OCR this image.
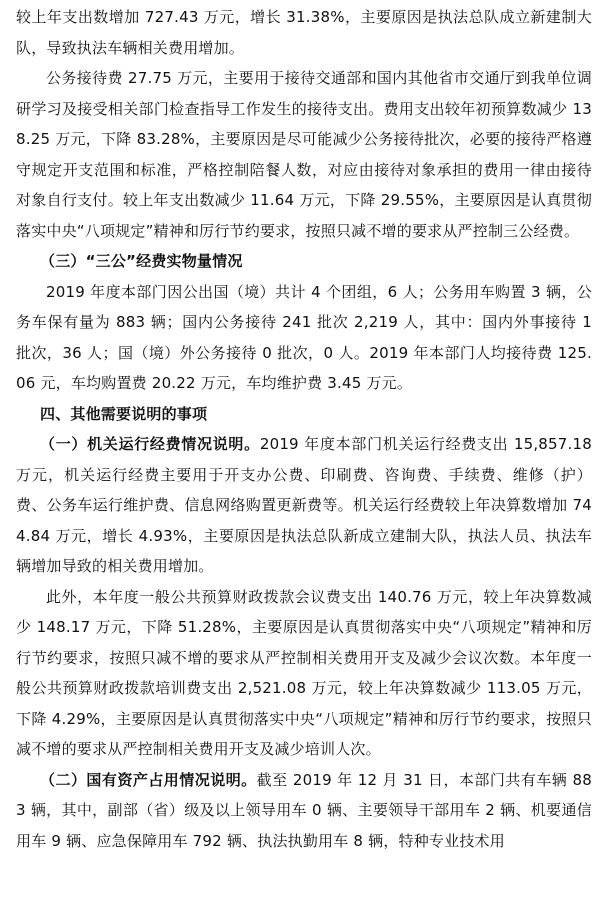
较上年支出数增加 727.43 万元，增长 31.38%，主要原因是执法总队成立新建制大队，导致执法车辆相关费用增加。

公务接待费 27.75 万元，主要用于接待交通部和国内其他省市交通厅到我单位调研学习及接受相关部门检查指导工作发生的接待支出。费用支出较年初预算数减少 138.25 万元，下降 83.28%，主要原因是尽可能减少公务接待批次，必要的接待严格遵守规定开支范围和标准，严格控制陪餐人数，对应由接待对象承担的费用一律由接待对象自行支付。较上年支出数减少 11.64 万元，下降 29.55%，主要原因是认真贯彻落实中央“八项规定”精神和厉行节约要求，按照只减不增的要求从严控制三公经费。

（三）“三公”经费实物量情况

2019 年度本部门因公出国（境）共计 4 个团组，6 人；公务用车购置 3 辆，公务车保有量为 883 辆；国内公务接待 241 批次 2,219 人，其中：国内外事接待 1 批次，36 人；国（境）外公务接待 0 批次，0 人。2019 年本部门人均接待费 125.06 元，车均购置费 20.22 万元，车均维护费 3.45 万元。

四、其他需要说明的事项

（一）机关运行经费情况说明。2019 年度本部门机关运行经费支出 15,857.18 万元，机关运行经费主要用于开支办公费、印刷费、咨询费、手续费、维修（护）费、公务车运行维护费、信息网络购置更新费等。机关运行经费较上年决算数增加 744.84 万元，增长 4.93%，主要原因是执法总队新成立建制大队，执法人员、执法车辆增加导致的相关费用增加。

此外，本年度一般公共预算财政拨款会议费支出 140.76 万元，较上年决算数减少 148.17 万元，下降 51.28%，主要原因是认真贯彻落实中央“八项规定”精神和厉行节约要求，按照只减不增的要求从严控制相关费用开支及减少会议次数。本年度一般公共预算财政拨款培训费支出 2,521.08 万元，较上年决算数减少 113.05 万元，下降 4.29%，主要原因是认真贯彻落实中央“八项规定”精神和厉行节约要求，按照只减不增的要求从严控制相关费用开支及减少培训人次。

（二）国有资产占用情况说明。截至 2019 年 12 月 31 日，本部门共有车辆 883 辆，其中，副部（省）级及以上领导用车 0 辆、主要领导干部用车 2 辆、机要通信用车 9 辆、应急保障用车 792 辆、执法执勤用车 8 辆，特种专业技术用
